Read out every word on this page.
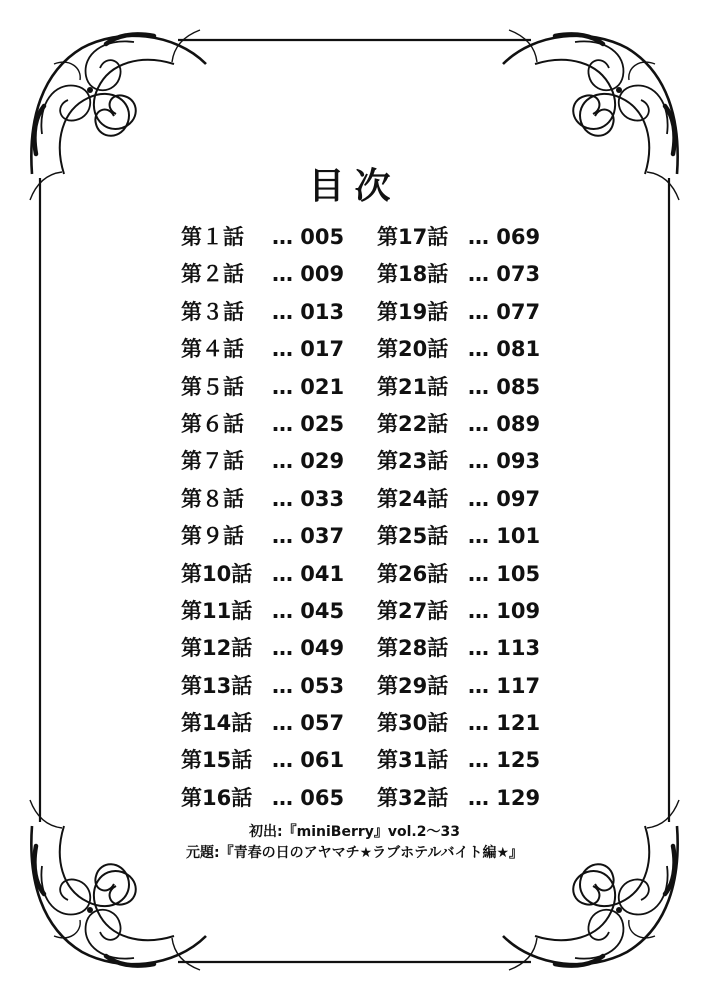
目次
第１話 … 005
第２話 … 009
第３話 … 013
第４話 … 017
第５話 … 021
第６話 … 025
第７話 … 029
第８話 … 033
第９話 … 037
第10話 … 041
第11話 … 045
第12話 … 049
第13話 … 053
第14話 … 057
第15話 … 061
第16話 … 065
第17話 … 069
第18話 … 073
第19話 … 077
第20話 … 081
第21話 … 085
第22話 … 089
第23話 … 093
第24話 … 097
第25話 … 101
第26話 … 105
第27話 … 109
第28話 … 113
第29話 … 117
第30話 … 121
第31話 … 125
第32話 … 129
初出:『miniBerry』vol.2～33
元題:『青春の日のアヤマチ★ラブホテルバイト編★』
